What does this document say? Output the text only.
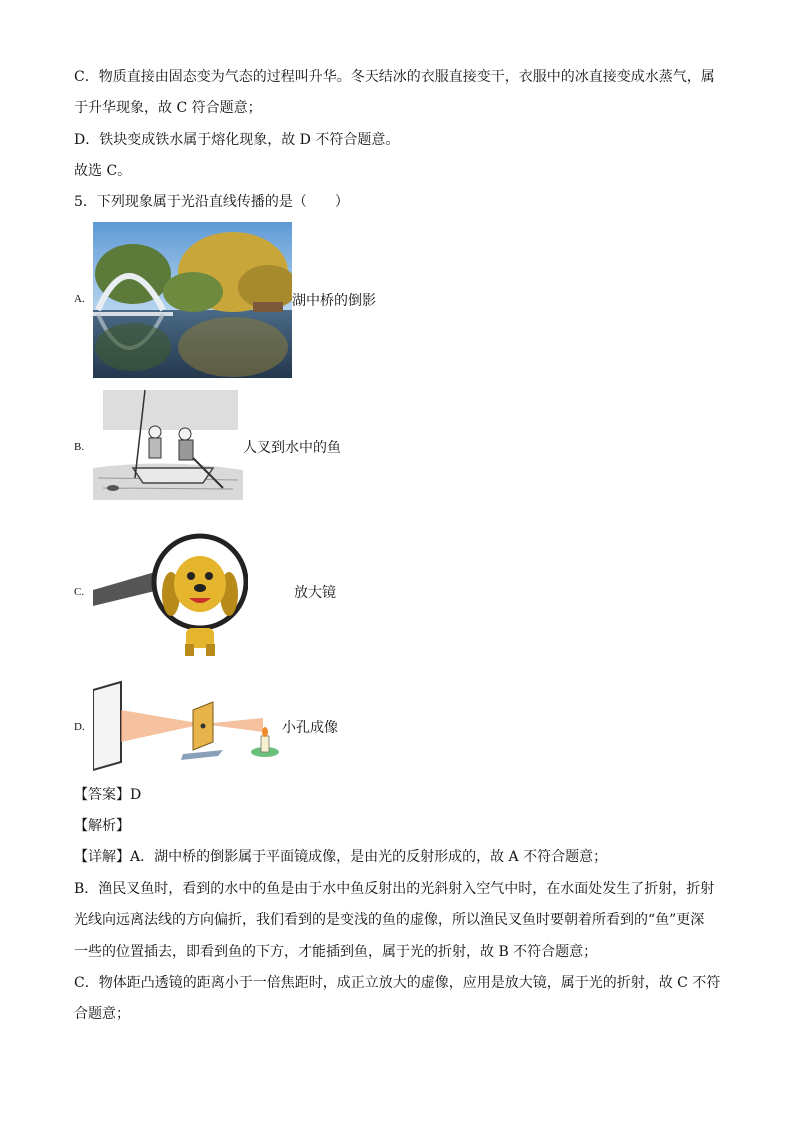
C．物质直接由固态变为气态的过程叫升华。冬天结冰的衣服直接变干，衣服中的冰直接变成水蒸气，属
于升华现象，故 C 符合题意；
D．铁块变成铁水属于熔化现象，故 D 不符合题意。
故选 C。
5．下列现象属于光沿直线传播的是（　　）
A.	湖中桥的倒影
B.	人叉到水中的鱼
C.	放大镜
D.	小孔成像
【答案】D
【解析】
【详解】A．湖中桥的倒影属于平面镜成像，是由光的反射形成的，故 A 不符合题意；
B．渔民叉鱼时，看到的水中的鱼是由于水中鱼反射出的光斜射入空气中时，在水面处发生了折射，折射
光线向远离法线的方向偏折，我们看到的是变浅的鱼的虚像，所以渔民叉鱼时要朝着所看到的“鱼”更深
一些的位置插去，即看到鱼的下方，才能插到鱼，属于光的折射，故 B 不符合题意；
C．物体距凸透镜的距离小于一倍焦距时，成正立放大的虚像，应用是放大镜，属于光的折射，故 C 不符
合题意；
